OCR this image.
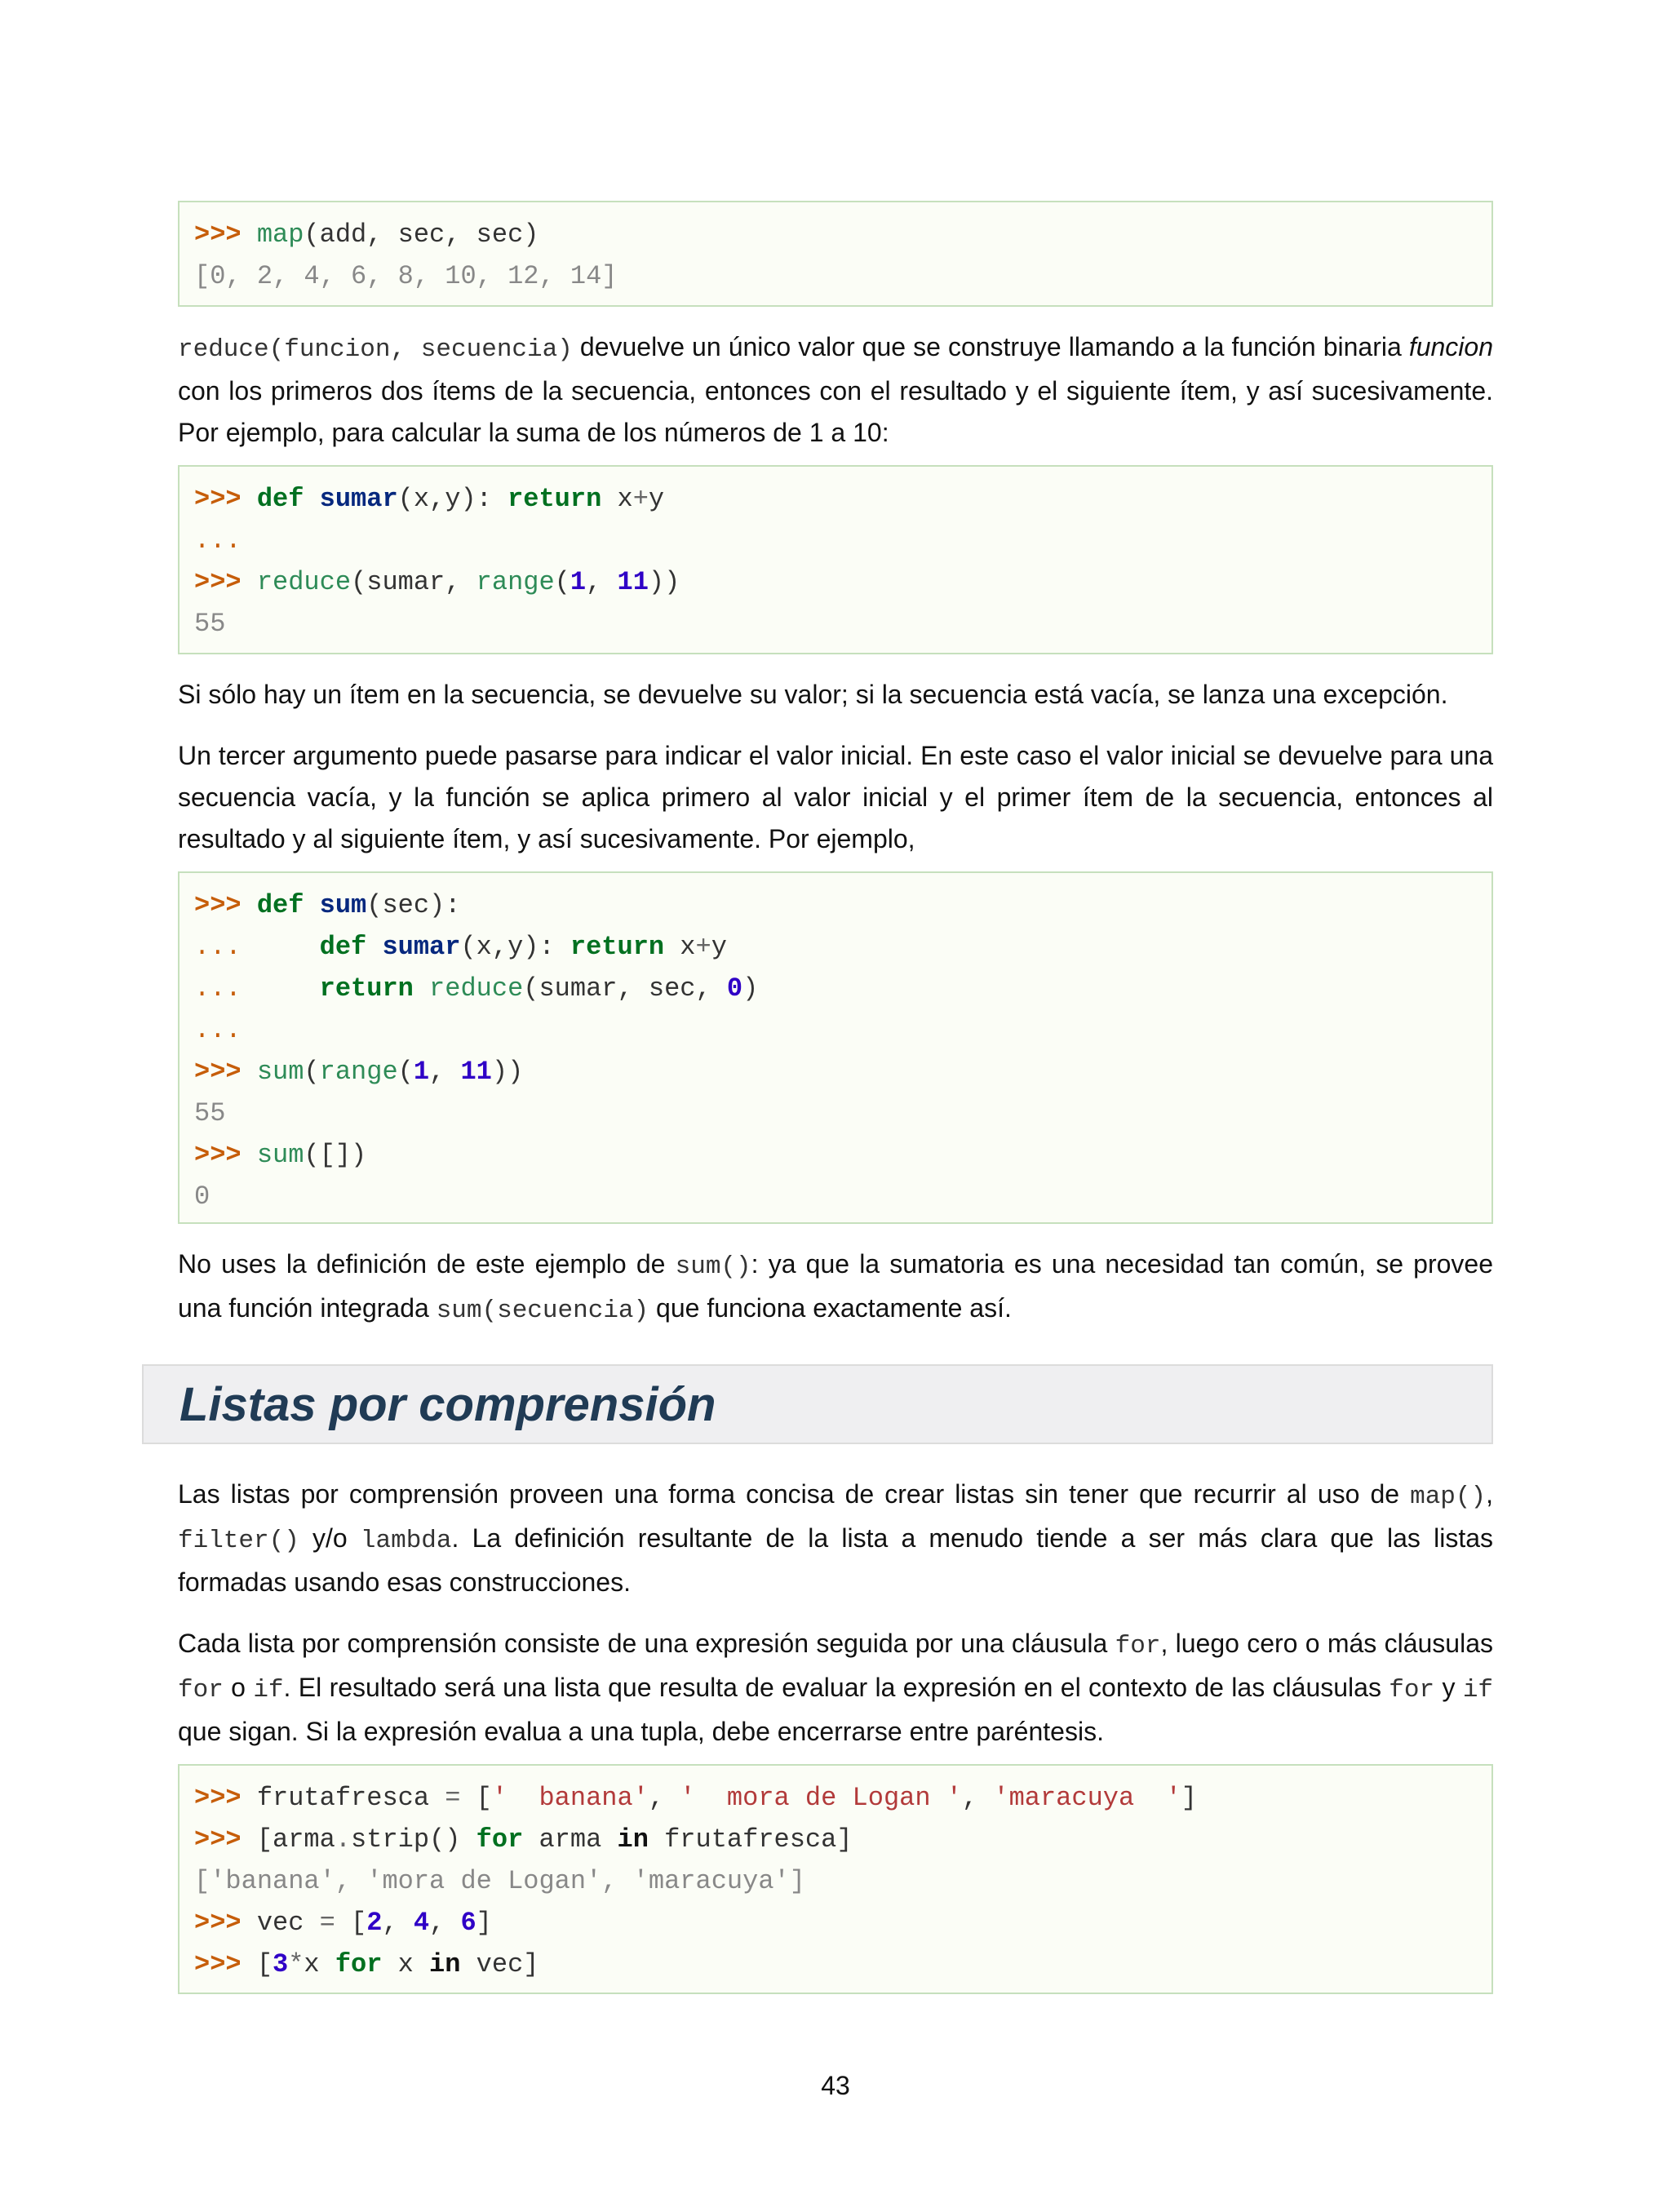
>>> map(add, sec, sec)
[0, 2, 4, 6, 8, 10, 12, 14]

reduce(funcion, secuencia) devuelve un único valor que se construye llamando a la función binaria funcion con los primeros dos ítems de la secuencia, entonces con el resultado y el siguiente ítem, y así sucesivamente. Por ejemplo, para calcular la suma de los números de 1 a 10:

>>> def sumar(x,y): return x+y
...
>>> reduce(sumar, range(1, 11))
55

Si sólo hay un ítem en la secuencia, se devuelve su valor; si la secuencia está vacía, se lanza una excepción.

Un tercer argumento puede pasarse para indicar el valor inicial. En este caso el valor inicial se devuelve para una secuencia vacía, y la función se aplica primero al valor inicial y el primer ítem de la secuencia, entonces al resultado y al siguiente ítem, y así sucesivamente. Por ejemplo,

>>> def sum(sec):
...     def sumar(x,y): return x+y
...     return reduce(sumar, sec, 0)
...
>>> sum(range(1, 11))
55
>>> sum([])
0

No uses la definición de este ejemplo de sum(): ya que la sumatoria es una necesidad tan común, se provee una función integrada sum(secuencia) que funciona exactamente así.

Listas por comprensión

Las listas por comprensión proveen una forma concisa de crear listas sin tener que recurrir al uso de map(), filter() y/o lambda. La definición resultante de la lista a menudo tiende a ser más clara que las listas formadas usando esas construcciones.

Cada lista por comprensión consiste de una expresión seguida por una cláusula for, luego cero o más cláusulas for o if. El resultado será una lista que resulta de evaluar la expresión en el contexto de las cláusulas for y if que sigan. Si la expresión evalua a una tupla, debe encerrarse entre paréntesis.

>>> frutafresca = ['  banana', '  mora de Logan ', 'maracuya  ']
>>> [arma.strip() for arma in frutafresca]
['banana', 'mora de Logan', 'maracuya']
>>> vec = [2, 4, 6]
>>> [3*x for x in vec]
43
